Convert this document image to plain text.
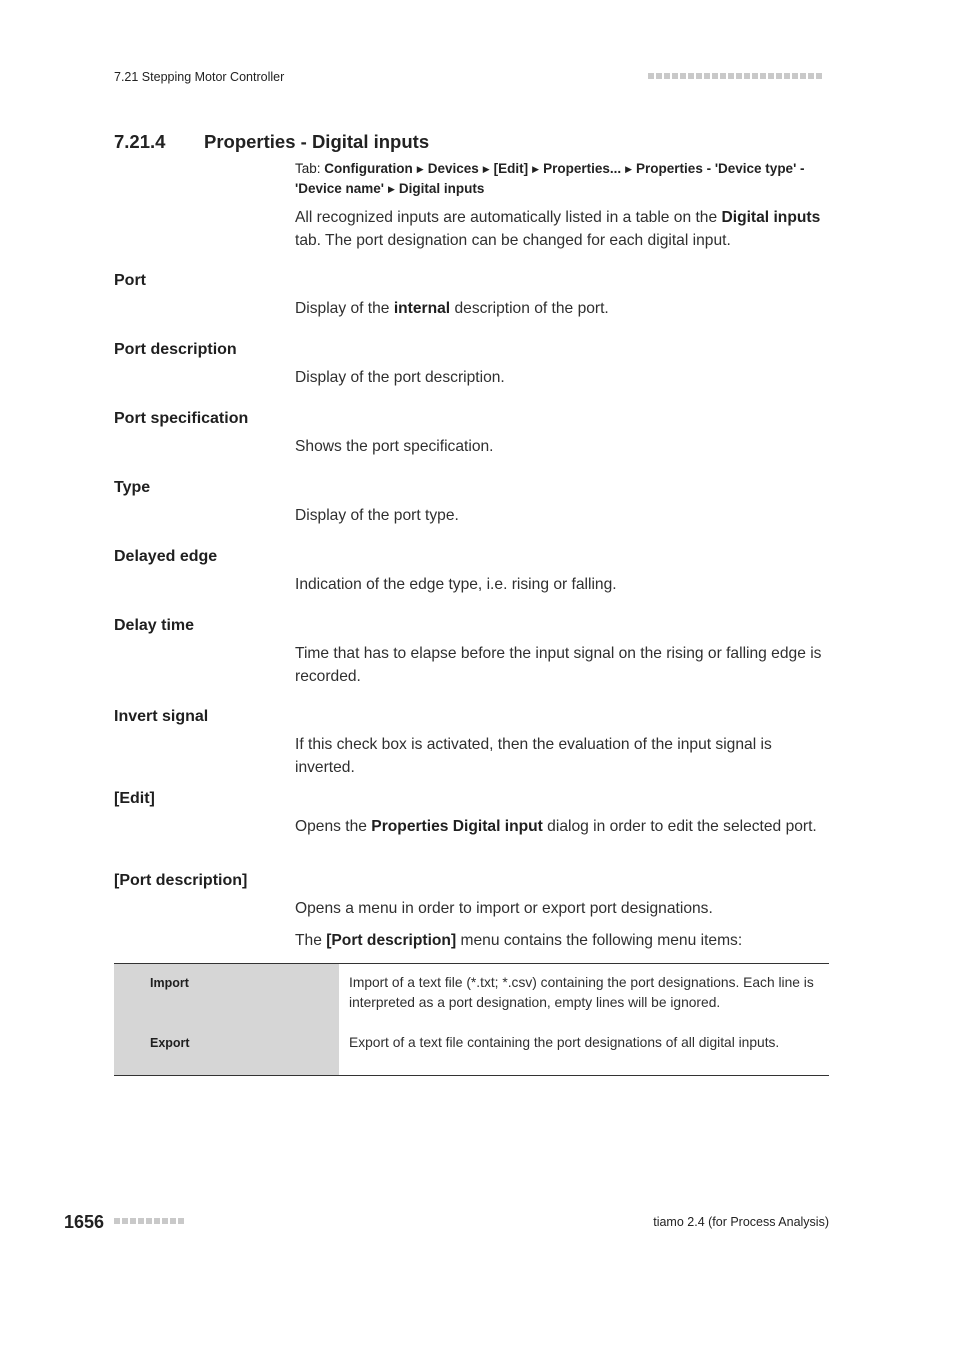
7.21 Stepping Motor Controller
7.21.4 Properties - Digital inputs
Tab: Configuration ▶ Devices ▶ [Edit] ▶ Properties... ▶ Properties - 'Device type' - 'Device name' ▶ Digital inputs
All recognized inputs are automatically listed in a table on the Digital inputs tab. The port designation can be changed for each digital input.
Port
Display of the internal description of the port.
Port description
Display of the port description.
Port specification
Shows the port specification.
Type
Display of the port type.
Delayed edge
Indication of the edge type, i.e. rising or falling.
Delay time
Time that has to elapse before the input signal on the rising or falling edge is recorded.
Invert signal
If this check box is activated, then the evaluation of the input signal is inverted.
[Edit]
Opens the Properties Digital input dialog in order to edit the selected port.
[Port description]
Opens a menu in order to import or export port designations.
The [Port description] menu contains the following menu items:
Import	Import of a text file (*.txt; *.csv) containing the port designations. Each line is interpreted as a port designation, empty lines will be ignored.
Export	Export of a text file containing the port designations of all digital inputs.
1656	tiamo 2.4 (for Process Analysis)
